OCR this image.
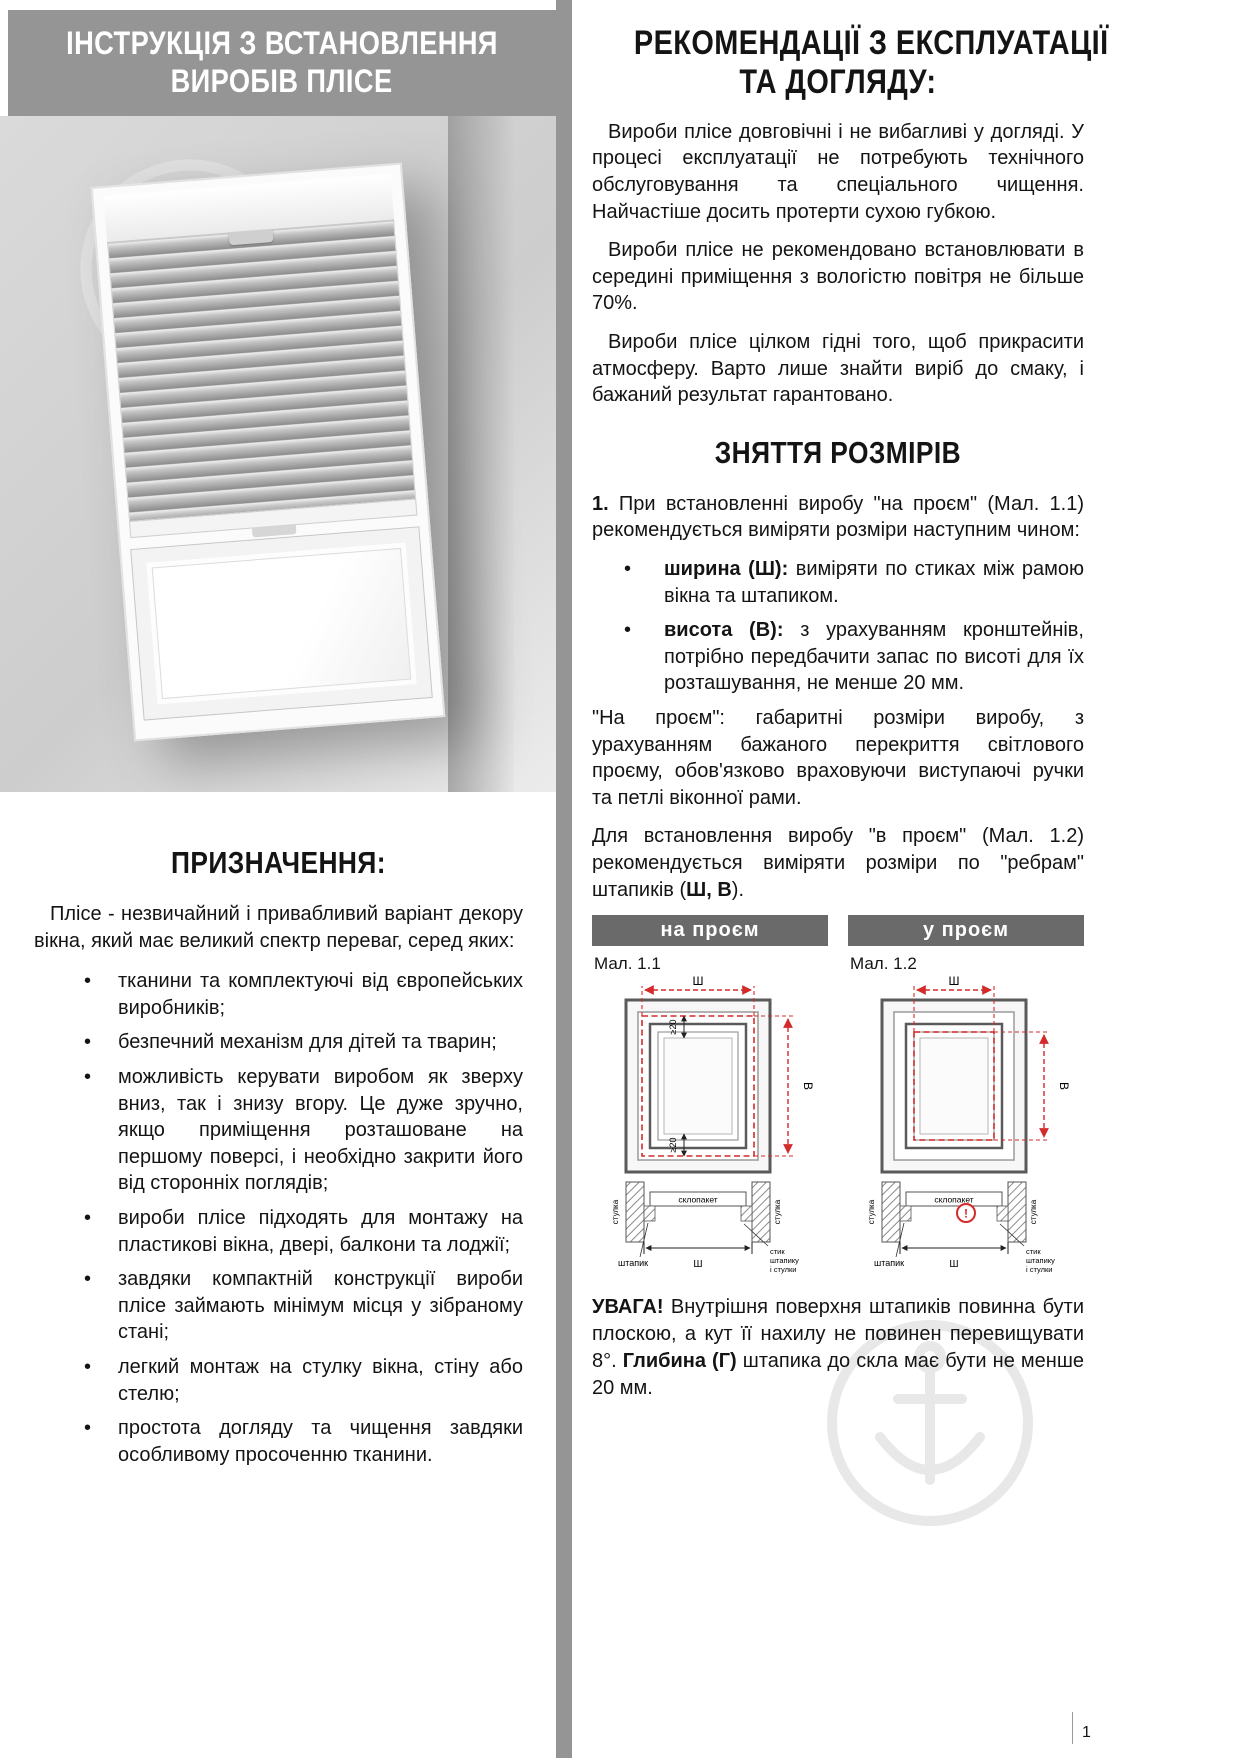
ІНСТРУКЦІЯ З ВСТАНОВЛЕННЯ
ВИРОБІВ ПЛІСЕ
ПРИЗНАЧЕННЯ:

Плісе - незвичайний і привабливий варіант декору вікна, який має великий спектр переваг, серед яких:

• тканини та комплектуючі від європейських виробників;
• безпечний механізм для дітей та тварин;
• можливість керувати виробом як зверху вниз, так і знизу вгору. Це дуже зручно, якщо приміщення розташоване на першому поверсі, і необхідно закрити його від сторонніх поглядів;
• вироби плісе підходять для монтажу на пластикові вікна, двері, балкони та лоджії;
• завдяки компактній конструкції вироби плісе займають мінімум місця у зібраному стані;
• легкий монтаж на стулку вікна, стіну або стелю;
• простота догляду та чищення завдяки особливому просоченню тканини.
РЕКОМЕНДАЦІЇ З ЕКСПЛУАТАЦІЇ
ТА ДОГЛЯДУ:

Вироби плісе довговічні і не вибагливі у догляді. У процесі експлуатації не потребують технічного обслуговування та спеціального чищення. Найчастіше досить протерти сухою губкою.

Вироби плісе не рекомендовано встановлювати в середині приміщення з вологістю повітря не більше 70%.

Вироби плісе цілком гідні того, щоб прикрасити атмосферу. Варто лише знайти виріб до смаку, і бажаний результат гарантовано.

ЗНЯТТЯ РОЗМІРІВ

1. При встановленні виробу "на проєм" (Мал. 1.1) рекомендується виміряти розміри наступним чином:

• ширина (Ш): виміряти по стиках між рамою вікна та штапиком.
• висота (В): з урахуванням кронштейнів, потрібно передбачити запас по висоті для їх розташування, не менше 20 мм.

"На проєм": габаритні розміри виробу, з урахуванням бажаного перекриття світлового проєму, обов'язково враховуючи виступаючі ручки та петлі віконної рами.

Для встановлення виробу "в проєм" (Мал. 1.2) рекомендується виміряти розміри по "ребрам" штапиків (Ш, В).

на проєм
Мал. 1.1
Ш
В
≥20
≥20
склопакет
стулка	стулка
штапик	Ш
стик
штапику
і стулки
у проєм
Мал. 1.2
Ш
В
склопакет
стулка	стулка
штапик	Ш
стик
штапику
і стулки
!

УВАГА! Внутрішня поверхня штапиків повинна бути плоскою, а кут її нахилу не повинен перевищувати 8°. Глибина (Г) штапика до скла має бути не менше 20 мм.

1
